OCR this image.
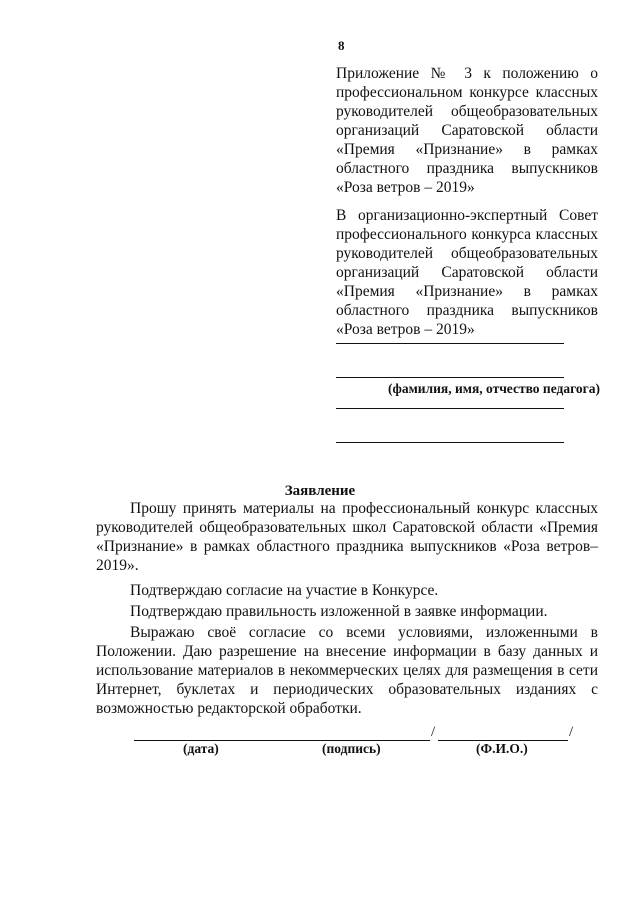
8
Приложение № 3 к положению о профессиональном конкурсе классных руководителей общеобразовательных организаций Саратовской области «Премия «Признание» в рамках областного праздника выпускников «Роза ветров – 2019»
В организационно-экспертный Совет профессионального конкурса классных руководителей общеобразовательных организаций Саратовской области «Премия «Признание» в рамках областного праздника выпускников «Роза ветров – 2019»
(фамилия, имя, отчество педагога)
Заявление

Прошу принять материалы на профессиональный конкурс классных руководителей общеобразовательных школ Саратовской области «Премия «Признание» в рамках областного праздника выпускников «Роза ветров–2019».

Подтверждаю согласие на участие в Конкурсе.

Подтверждаю правильность изложенной в заявке информации.

Выражаю своё согласие со всеми условиями, изложенными в Положении. Даю разрешение на внесение информации в базу данных и использование материалов в некоммерческих целях для размещения в сети Интернет, буклетах и периодических образовательных изданиях с возможностью редакторской обработки.

/	/
(дата)	(подпись)	(Ф.И.О.)
